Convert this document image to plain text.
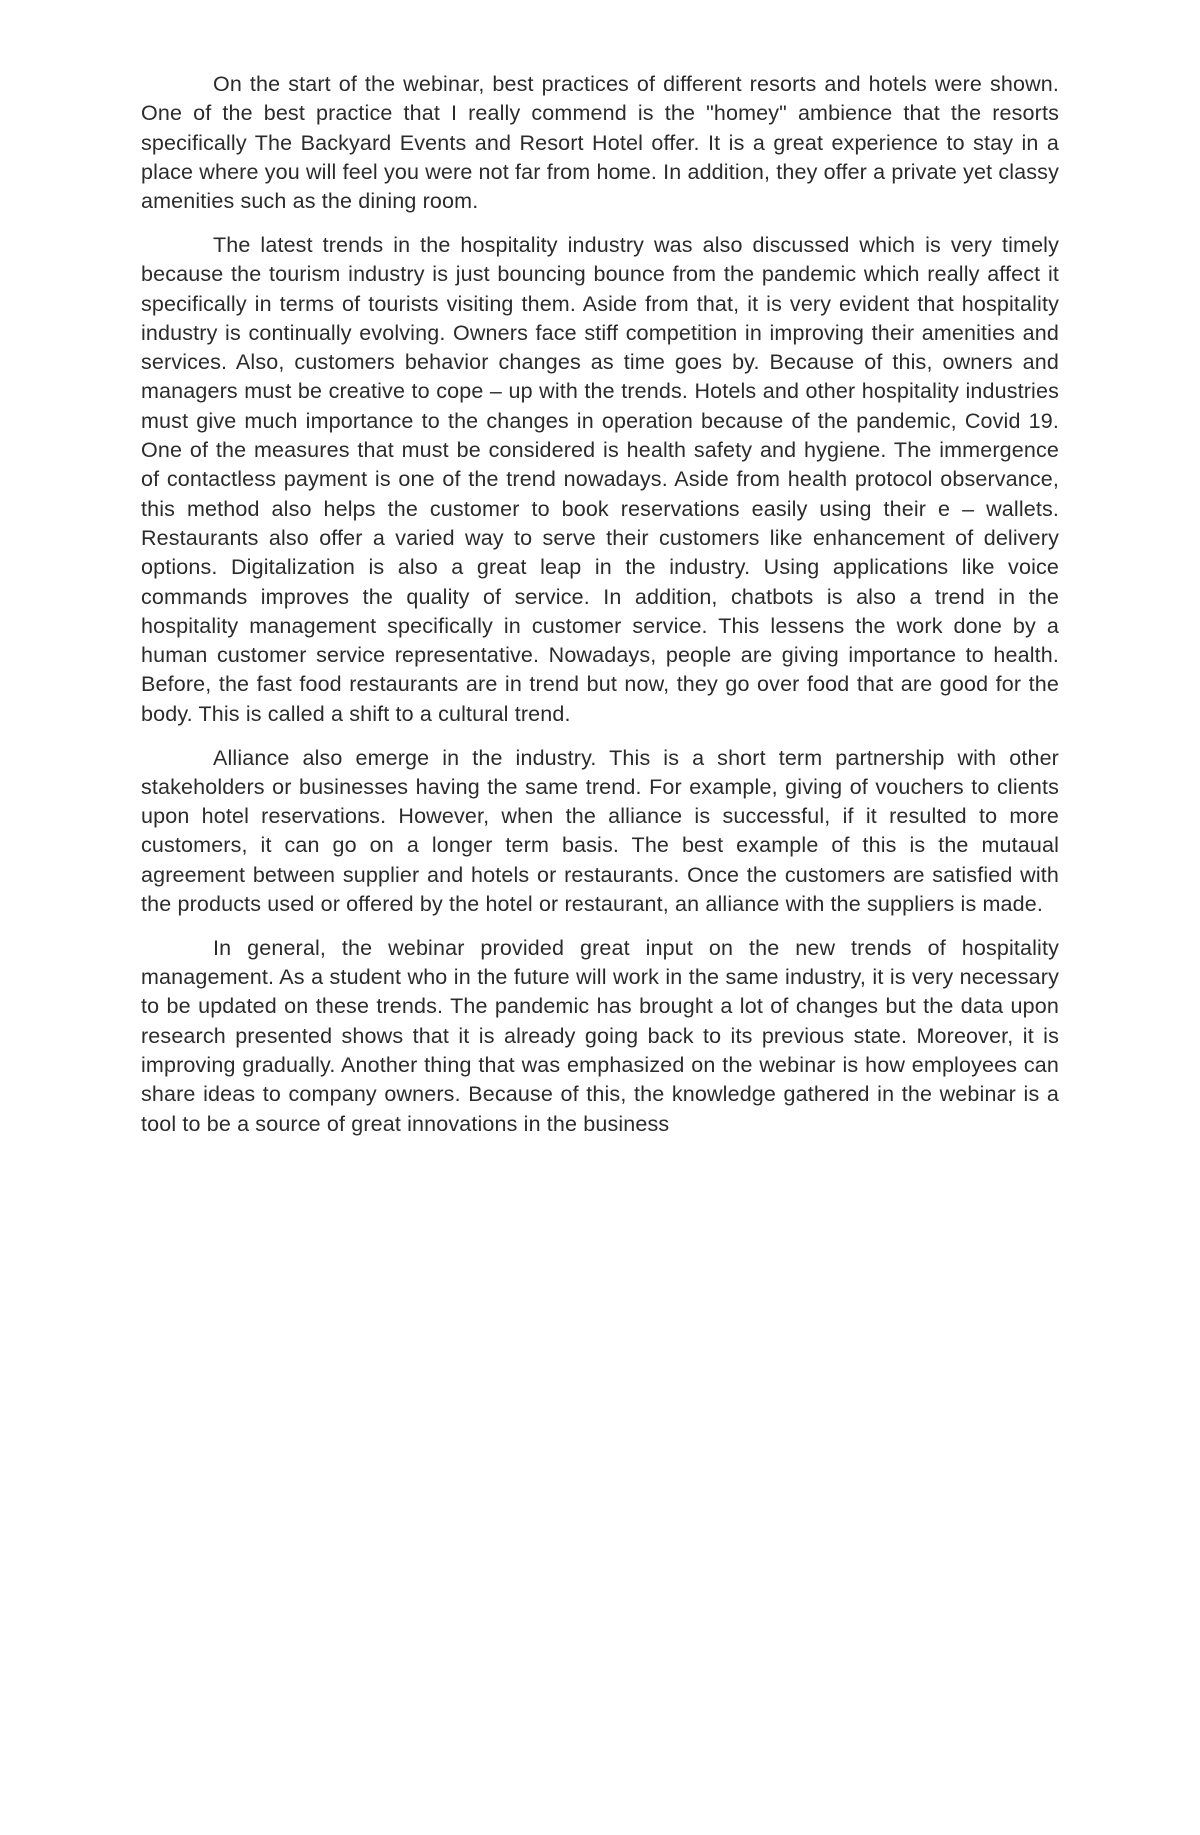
On the start of the webinar, best practices of different resorts and hotels were shown. One of the best practice that I really commend is the "homey" ambience that the resorts specifically The Backyard Events and Resort Hotel offer. It is a great experience to stay in a place where you will feel you were not far from home. In addition, they offer a private yet classy amenities such as the dining room.

The latest trends in the hospitality industry was also discussed which is very timely because the tourism industry is just bouncing bounce from the pandemic which really affect it specifically in terms of tourists visiting them. Aside from that, it is very evident that hospitality industry is continually evolving. Owners face stiff competition in improving their amenities and services. Also, customers behavior changes as time goes by. Because of this, owners and managers must be creative to cope – up with the trends. Hotels and other hospitality industries must give much importance to the changes in operation because of the pandemic, Covid 19. One of the measures that must be considered is health safety and hygiene. The immergence of contactless payment is one of the trend nowadays. Aside from health protocol observance, this method also helps the customer to book reservations easily using their e – wallets. Restaurants also offer a varied way to serve their customers like enhancement of delivery options. Digitalization is also a great leap in the industry. Using applications like voice commands improves the quality of service. In addition, chatbots is also a trend in the hospitality management specifically in customer service. This lessens the work done by a human customer service representative. Nowadays, people are giving importance to health. Before, the fast food restaurants are in trend but now, they go over food that are good for the body. This is called a shift to a cultural trend.

Alliance also emerge in the industry. This is a short term partnership with other stakeholders or businesses having the same trend. For example, giving of vouchers to clients upon hotel reservations. However, when the alliance is successful, if it resulted to more customers, it can go on a longer term basis. The best example of this is the mutaual agreement between supplier and hotels or restaurants. Once the customers are satisfied with the products used or offered by the hotel or restaurant, an alliance with the suppliers is made.

In general, the webinar provided great input on the new trends of hospitality management. As a student who in the future will work in the same industry, it is very necessary to be updated on these trends. The pandemic has brought a lot of changes but the data upon research presented shows that it is already going back to its previous state. Moreover, it is improving gradually. Another thing that was emphasized on the webinar is how employees can share ideas to company owners. Because of this, the knowledge gathered in the webinar is a tool to be a source of great innovations in the business
